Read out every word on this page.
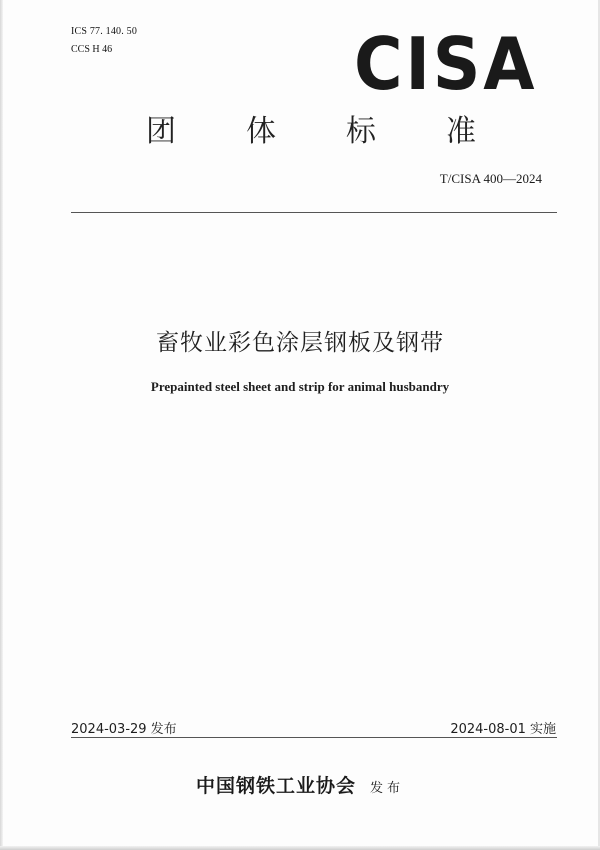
ICS 77. 140. 50
CCS H 46	CISA
团 体 标 准
T/CISA 400—2024
畜牧业彩色涂层钢板及钢带
Prepainted steel sheet and strip for animal husbandry
2024-03-29 发布	2024-08-01 实施
中国钢铁工业协会 发布
